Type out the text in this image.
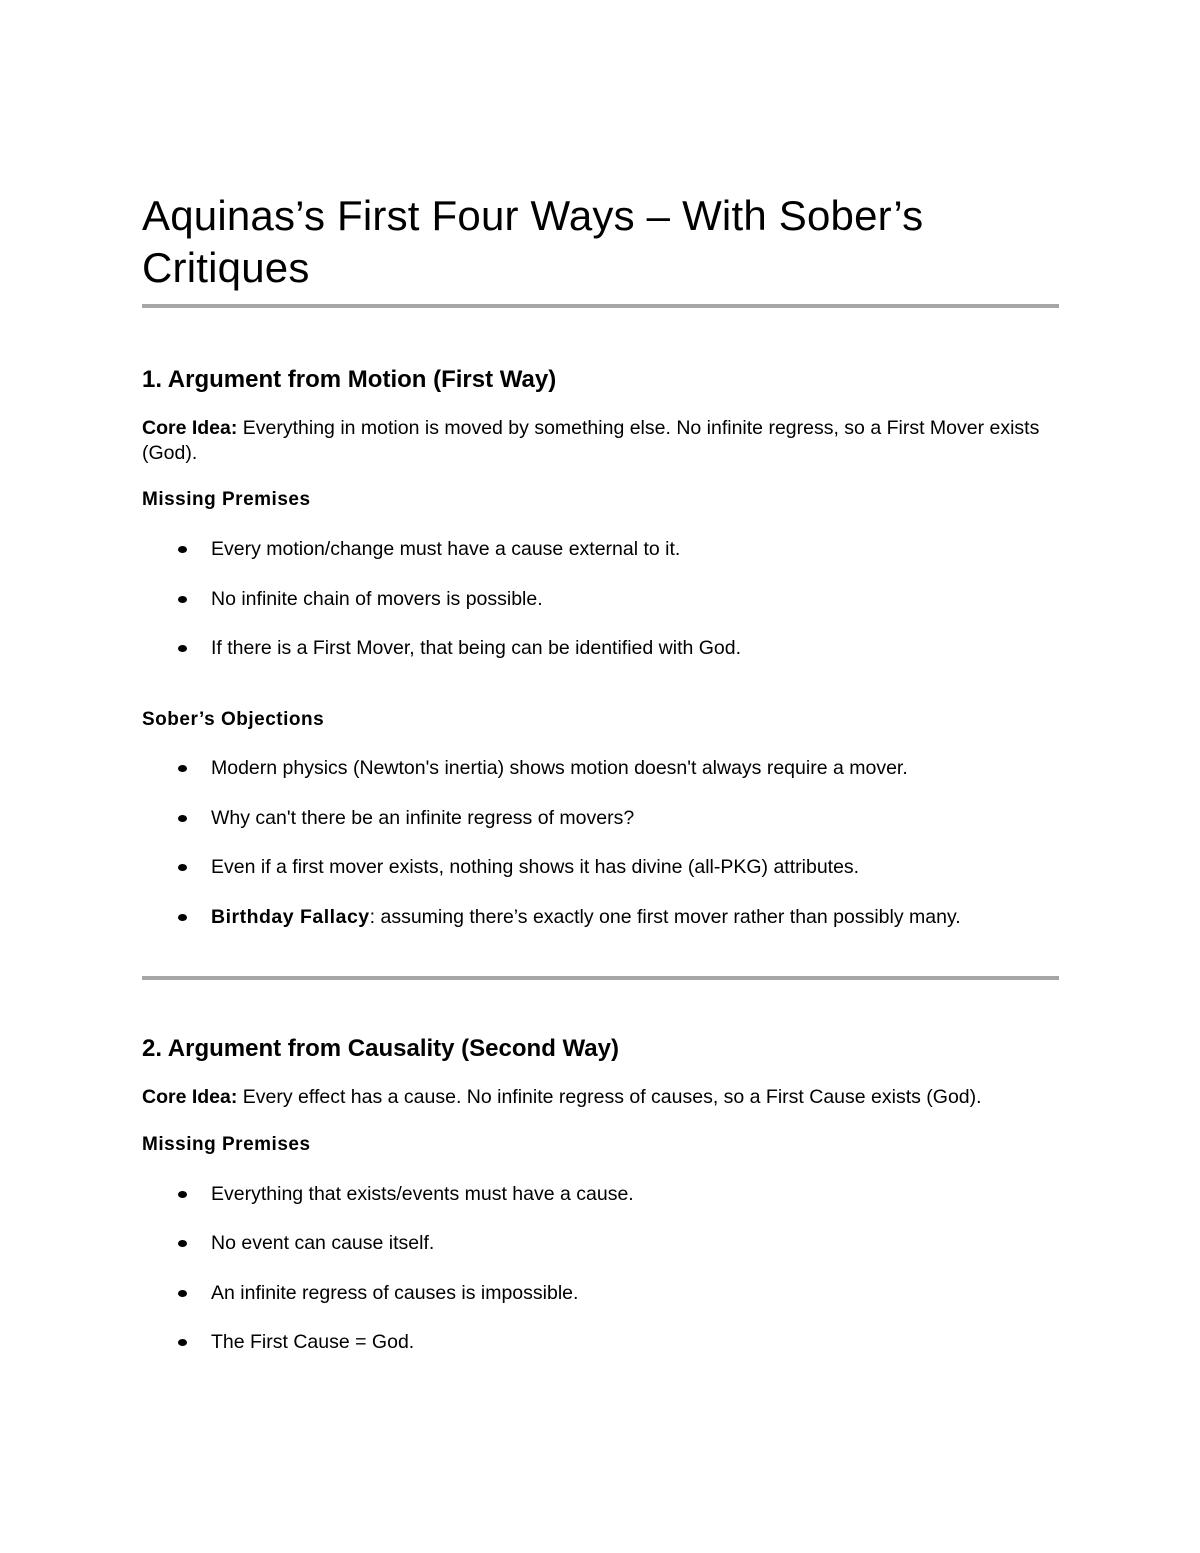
Aquinas’s First Four Ways – With Sober’s
Critiques
1. Argument from Motion (First Way)

Core Idea: Everything in motion is moved by something else. No infinite regress, so a First Mover exists (God).

Missing Premises
Every motion/change must have a cause external to it.
No infinite chain of movers is possible.
If there is a First Mover, that being can be identified with God.
Sober’s Objections
Modern physics (Newton's inertia) shows motion doesn't always require a mover.
Why can't there be an infinite regress of movers?
Even if a first mover exists, nothing shows it has divine (all-PKG) attributes.
Birthday Fallacy: assuming there’s exactly one first mover rather than possibly many.
2. Argument from Causality (Second Way)

Core Idea: Every effect has a cause. No infinite regress of causes, so a First Cause exists (God).

Missing Premises
Everything that exists/events must have a cause.
No event can cause itself.
An infinite regress of causes is impossible.
The First Cause = God.
